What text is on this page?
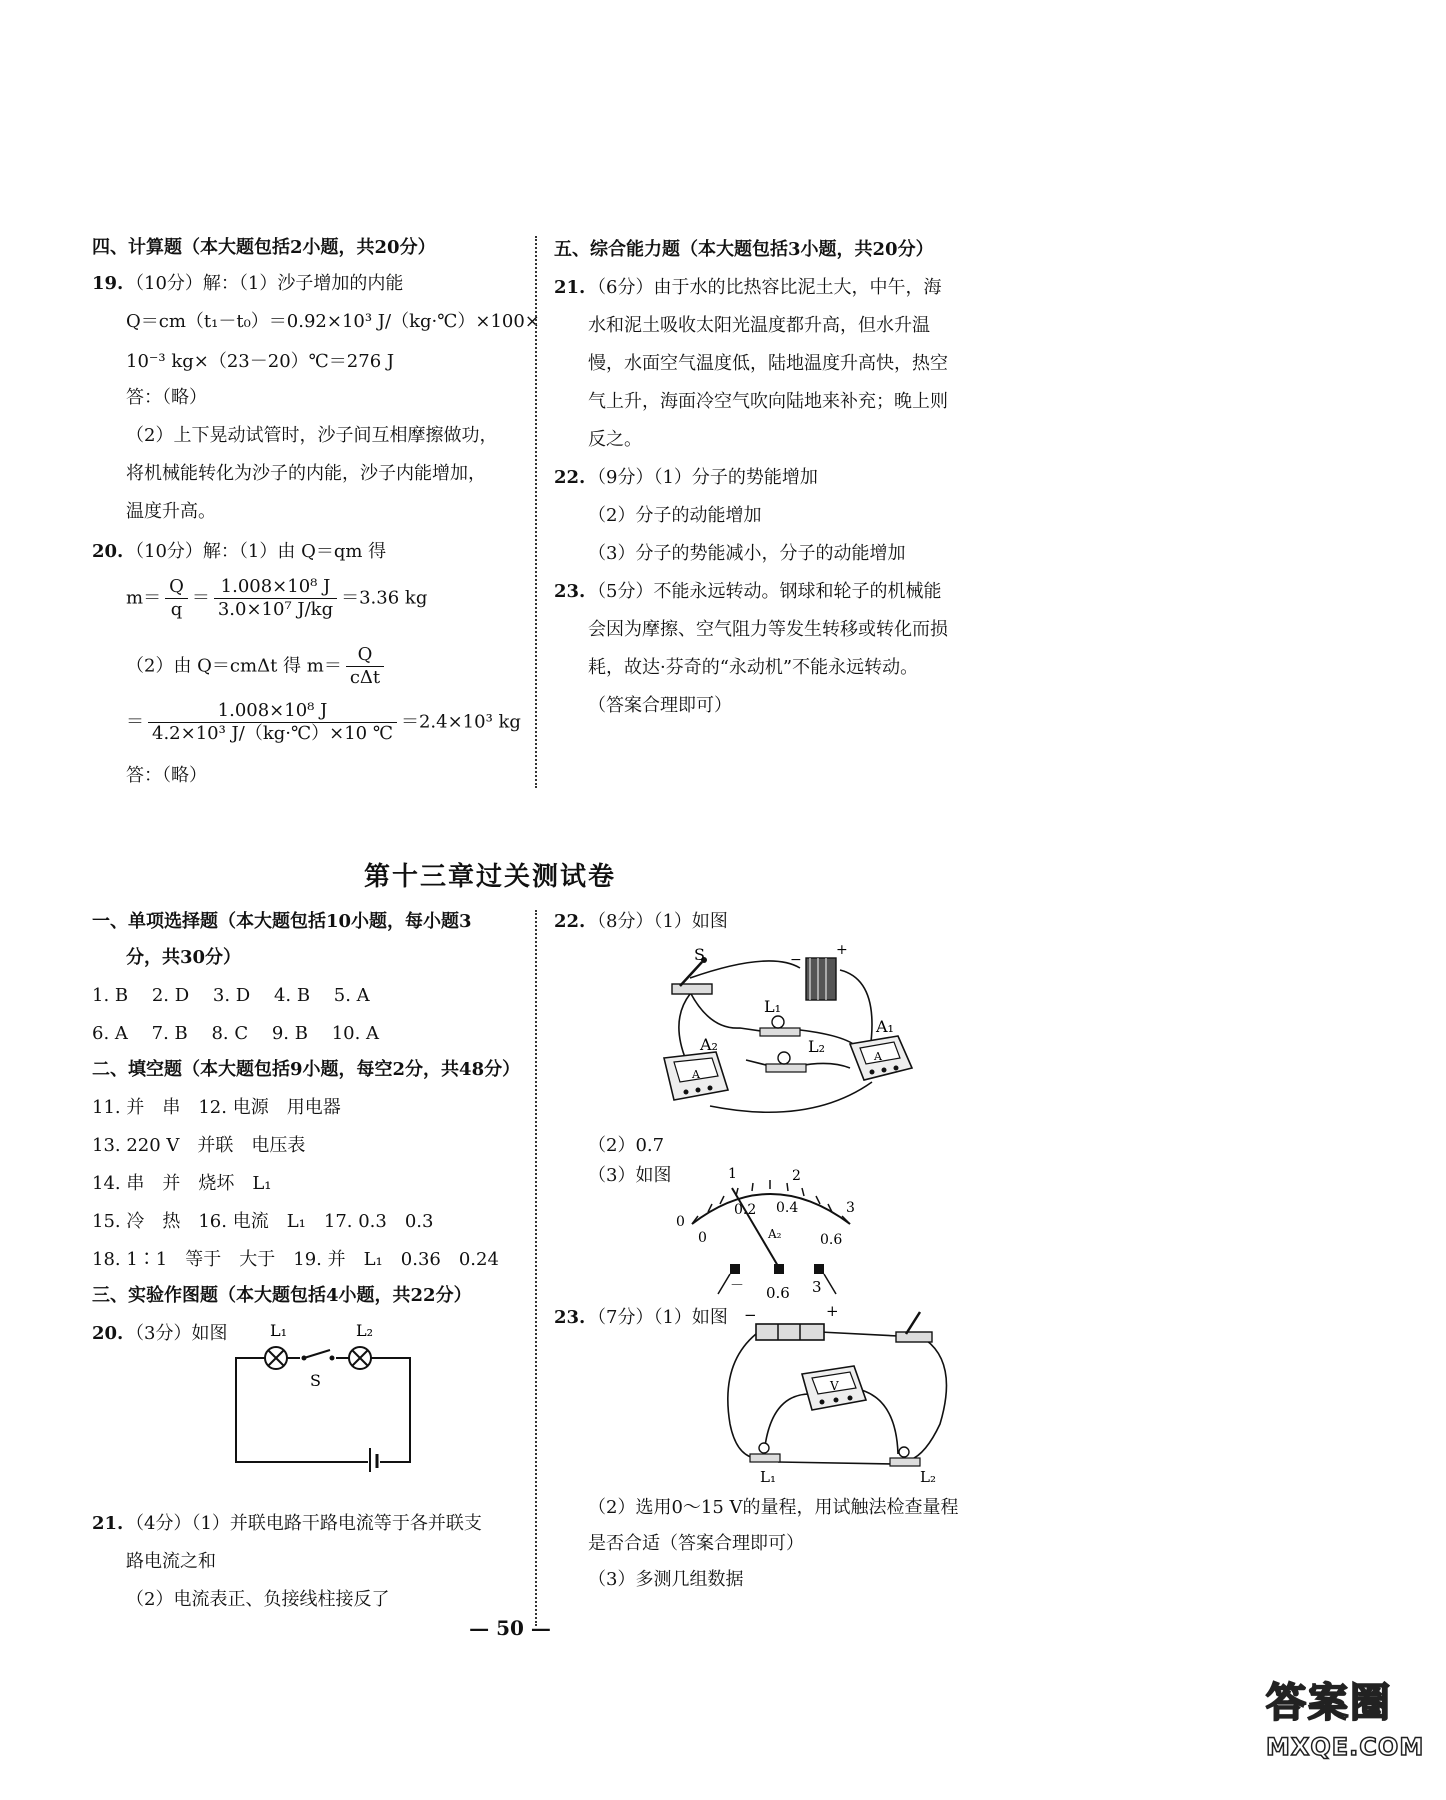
四、计算题（本大题包括2小题，共20分）
19. （10分）解：（1）沙子增加的内能
Q＝cm（t₁－t₀）＝0.92×10³ J/（kg·℃）×100×
10⁻³ kg×（23－20）℃＝276 J
答：（略）
（2）上下晃动试管时，沙子间互相摩擦做功，
将机械能转化为沙子的内能，沙子内能增加，
温度升高。
20. （10分）解：（1）由 Q＝qm 得
$m= \frac{Q}{q} = \frac{\text{1.008×10⁸ J}}{\text{3.0×10⁷ J/kg}} =3.36$ kg
（2）由 Q＝cmΔt 得 $m= \frac{Q}{\text{cΔt}}$
＝ $\frac{\text{1.008×10⁸ J}}{\text{4.2×10³ J/（kg·℃）×10 ℃}} =2.4\times 10^3$ kg
答：（略）
五、综合能力题（本大题包括3小题，共20分）
21. （6分）由于水的比热容比泥土大，中午，海
水和泥土吸收太阳光温度都升高，但水升温
慢，水面空气温度低，陆地温度升高快，热空
气上升，海面冷空气吹向陆地来补充；晚上则
反之。
22. （9分）（1）分子的势能增加
（2）分子的动能增加
（3）分子的势能减小，分子的动能增加
23. （5分）不能永远转动。钢球和轮子的机械能
会因为摩擦、空气阻力等发生转移或转化而损
耗，故达·芬奇的“永动机”不能永远转动。
（答案合理即可）
第十三章过关测试卷
一、单项选择题（本大题包括10小题，每小题3
分，共30分）
1. B　 2. D　 3. D　 4. B　 5. A
6. A　 7. B　 8. C　 9. B　 10. A
二、填空题（本大题包括9小题，每空2分，共48分）
11. 并　串　12. 电源　用电器
13. 220 V　并联　电压表
14. 串　并　烧坏　L₁
15. 冷　热　16. 电流　L₁　17. 0.3　0.3
18. 1∶1　等于　大于　19. 并　L₁　0.36　0.24
三、实验作图题（本大题包括4小题，共22分）
20. （3分）如图	L₁
S
L₂
21. （4分）（1）并联电路干路电流等于各并联支
路电流之和
（2）电流表正、负接线柱接反了
22. （8分）（1）如图
−
+
A
A
S
L₁
L₂
A₁
A₂
（2）0.7
（3）如图
0
0
1	2
3
0.2 0.4
0.6
A₂
－ 0.6 3
23. （7分）（1）如图 −	+
V
L₁	L₂
（2）选用0～15 V的量程，用试触法检查量程
是否合适（答案合理即可）
（3）多测几组数据
— 50 —
答案圈
MXQE.COM
